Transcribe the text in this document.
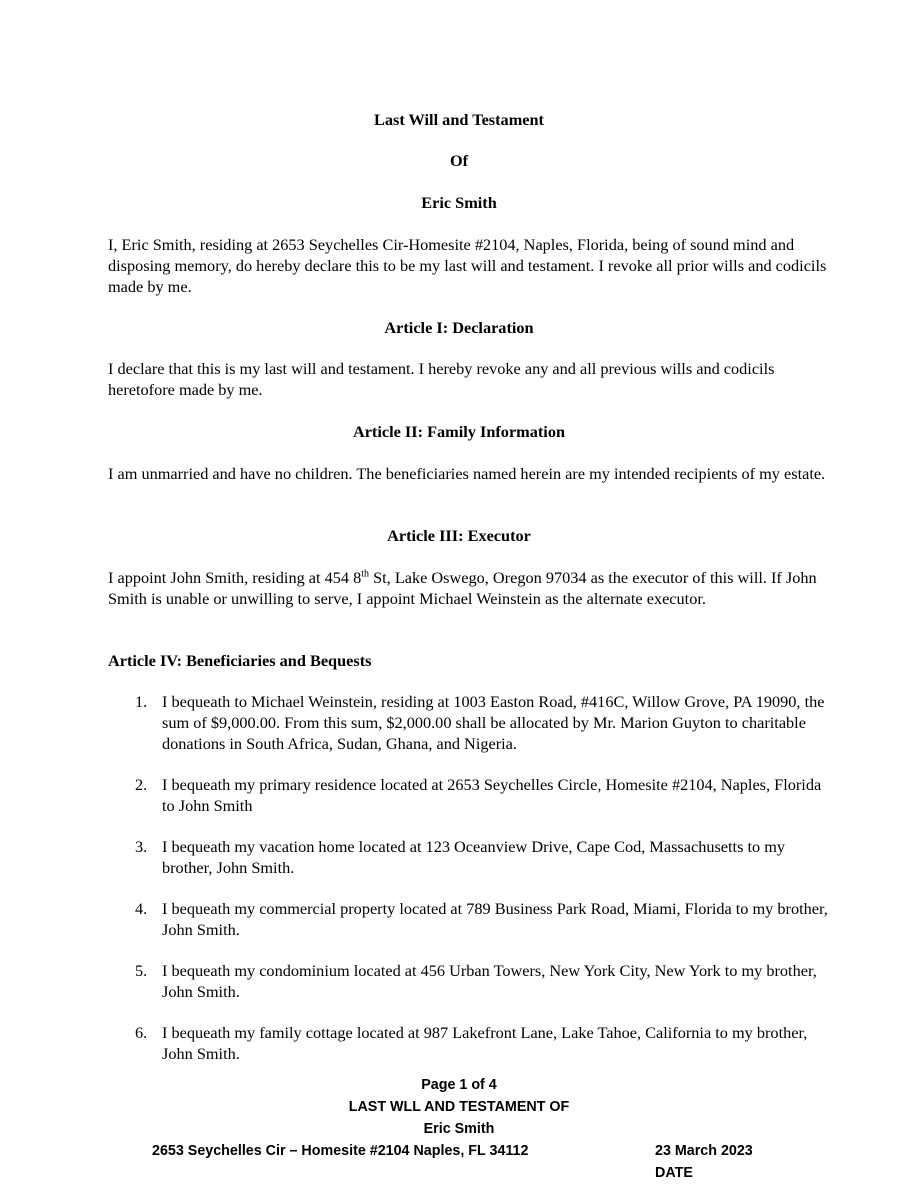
Last Will and Testament

Of

Eric Smith

I, Eric Smith, residing at 2653 Seychelles Cir-Homesite #2104, Naples, Florida, being of sound mind and disposing memory, do hereby declare this to be my last will and testament. I revoke all prior wills and codicils made by me.

Article I: Declaration

I declare that this is my last will and testament. I hereby revoke any and all previous wills and codicils heretofore made by me.

Article II: Family Information

I am unmarried and have no children. The beneficiaries named herein are my intended recipients of my estate.

Article III: Executor

I appoint John Smith, residing at 454 8th St, Lake Oswego, Oregon 97034 as the executor of this will. If John Smith is unable or unwilling to serve, I appoint Michael Weinstein as the alternate executor.

Article IV: Beneficiaries and Bequests

1. I bequeath to Michael Weinstein, residing at 1003 Easton Road, #416C, Willow Grove, PA 19090, the sum of $9,000.00. From this sum, $2,000.00 shall be allocated by Mr. Marion Guyton to charitable donations in South Africa, Sudan, Ghana, and Nigeria.
2. I bequeath my primary residence located at 2653 Seychelles Circle, Homesite #2104, Naples, Florida to John Smith
3. I bequeath my vacation home located at 123 Oceanview Drive, Cape Cod, Massachusetts to my brother, John Smith.
4. I bequeath my commercial property located at 789 Business Park Road, Miami, Florida to my brother, John Smith.
5. I bequeath my condominium located at 456 Urban Towers, New York City, New York to my brother, John Smith.
6. I bequeath my family cottage located at 987 Lakefront Lane, Lake Tahoe, California to my brother, John Smith.
Page 1 of 4
LAST WLL AND TESTAMENT OF
Eric Smith
2653 Seychelles Cir – Homesite #2104 Naples, FL 34112	23 March 2023
DATE
